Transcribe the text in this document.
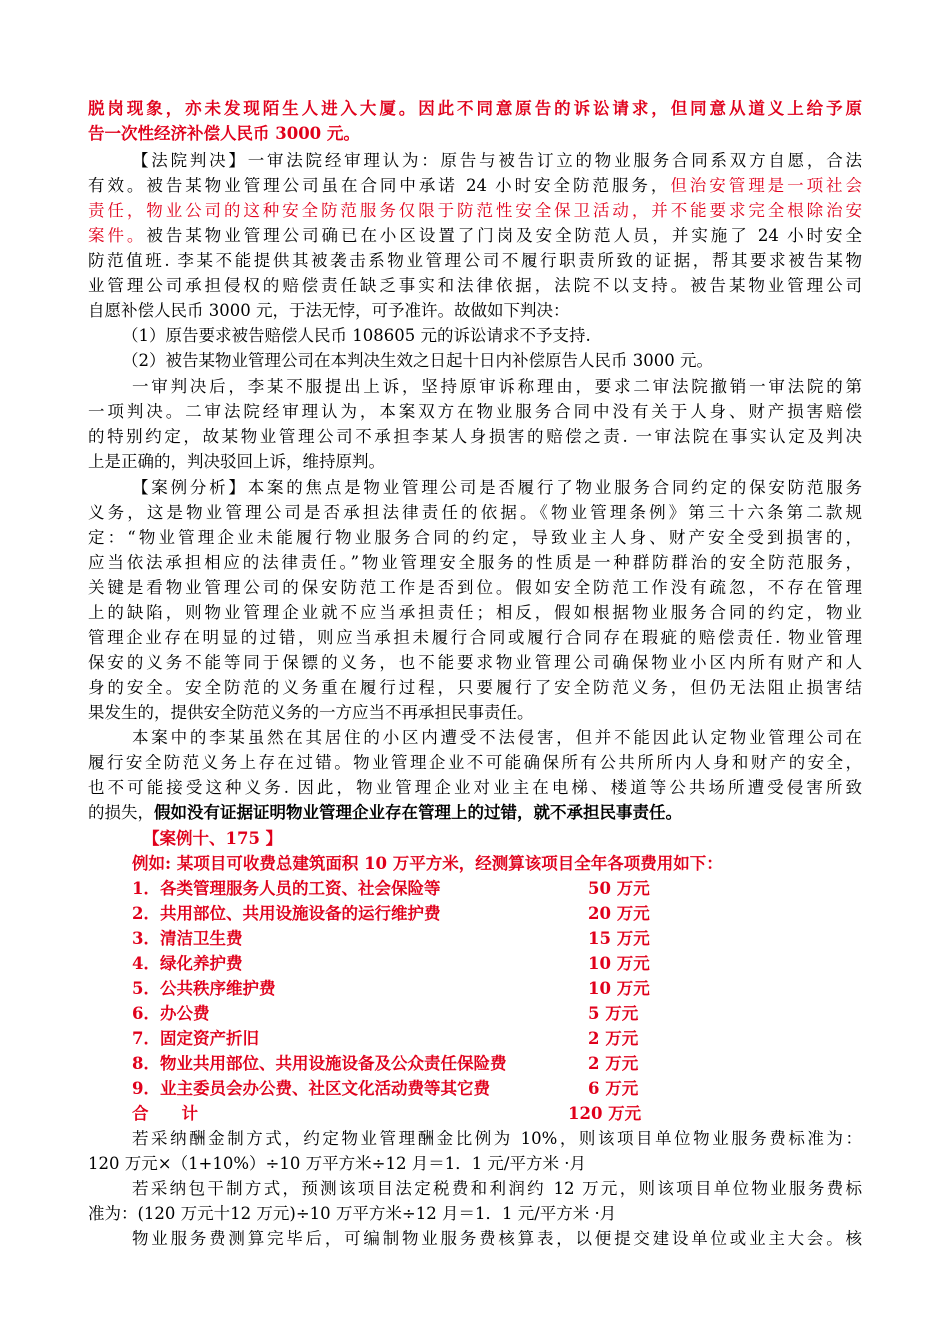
脱岗现象，亦未发现陌生人进入大厦。因此不同意原告的诉讼请求，但同意从道义上给予原
告一次性经济补偿人民币 3000 元。
【法院判决】一审法院经审理认为：原告与被告订立的物业服务合同系双方自愿，合法
有效。被告某物业管理公司虽在合同中承诺 24 小时安全防范服务，但治安管理是一项社会
责任，物业公司的这种安全防范服务仅限于防范性安全保卫活动，并不能要求完全根除治安
案件。被告某物业管理公司确已在小区设置了门岗及安全防范人员，并实施了 24 小时安全
防范值班. 李某不能提供其被袭击系物业管理公司不履行职责所致的证据，帮其要求被告某物
业管理公司承担侵权的赔偿责任缺乏事实和法律依据，法院不以支持。被告某物业管理公司
自愿补偿人民币 3000 元，于法无悖，可予准许。故做如下判决：
（1）原告要求被告赔偿人民币 108605 元的诉讼请求不予支持.
（2）被告某物业管理公司在本判决生效之日起十日内补偿原告人民币 3000 元。
一审判决后，李某不服提出上诉，坚持原审诉称理由，要求二审法院撤销一审法院的第
一项判决。二审法院经审理认为，本案双方在物业服务合同中没有关于人身、财产损害赔偿
的特别约定，故某物业管理公司不承担李某人身损害的赔偿之责. 一审法院在事实认定及判决
上是正确的，判决驳回上诉，维持原判。
【案例分析】本案的焦点是物业管理公司是否履行了物业服务合同约定的保安防范服务
义务，这是物业管理公司是否承担法律责任的依据。《物业管理条例》第三十六条第二款规
定：“物业管理企业未能履行物业服务合同的约定，导致业主人身、财产安全受到损害的，
应当依法承担相应的法律责任。”物业管理安全服务的性质是一种群防群治的安全防范服务，
关键是看物业管理公司的保安防范工作是否到位。假如安全防范工作没有疏忽，不存在管理
上的缺陷，则物业管理企业就不应当承担责任；相反，假如根据物业服务合同的约定，物业
管理企业存在明显的过错，则应当承担未履行合同或履行合同存在瑕疵的赔偿责任. 物业管理
保安的义务不能等同于保镖的义务，也不能要求物业管理公司确保物业小区内所有财产和人
身的安全。安全防范的义务重在履行过程，只要履行了安全防范义务，但仍无法阻止损害结
果发生的，提供安全防范义务的一方应当不再承担民事责任。
本案中的李某虽然在其居住的小区内遭受不法侵害，但并不能因此认定物业管理公司在
履行安全防范义务上存在过错。物业管理企业不可能确保所有公共所所内人身和财产的安全，
也不可能接受这种义务. 因此，物业管理企业对业主在电梯、楼道等公共场所遭受侵害所致
的损失，假如没有证据证明物业管理企业存在管理上的过错，就不承担民事责任。
【案例十、175 】
例如: 某项目可收费总建筑面积 10 万平方米，经测算该项目全年各项费用如下：
1．各类管理服务人员的工资、社会保险等	50 万元
2．共用部位、共用设施设备的运行维护费	20 万元
3．清洁卫生费	15 万元
4．绿化养护费	10 万元
5．公共秩序维护费	10 万元
6．办公费	5 万元
7．固定资产折旧	2 万元
8．物业共用部位、共用设施设备及公众责任保险费	2 万元
9．业主委员会办公费、社区文化活动费等其它费	6 万元
合　　计	120 万元
若采纳酬金制方式，约定物业管理酬金比例为 10%，则该项目单位物业服务费标准为：
120 万元×（1+10%）÷10 万平方米÷12 月＝1．1 元/平方米 ·月
若采纳包干制方式，预测该项目法定税费和利润约 12 万元，则该项目单位物业服务费标
准为：(120 万元十12 万元)÷10 万平方米÷12 月＝1．1 元/平方米 ·月
物业服务费测算完毕后，可编制物业服务费核算表，以便提交建设单位或业主大会。核
